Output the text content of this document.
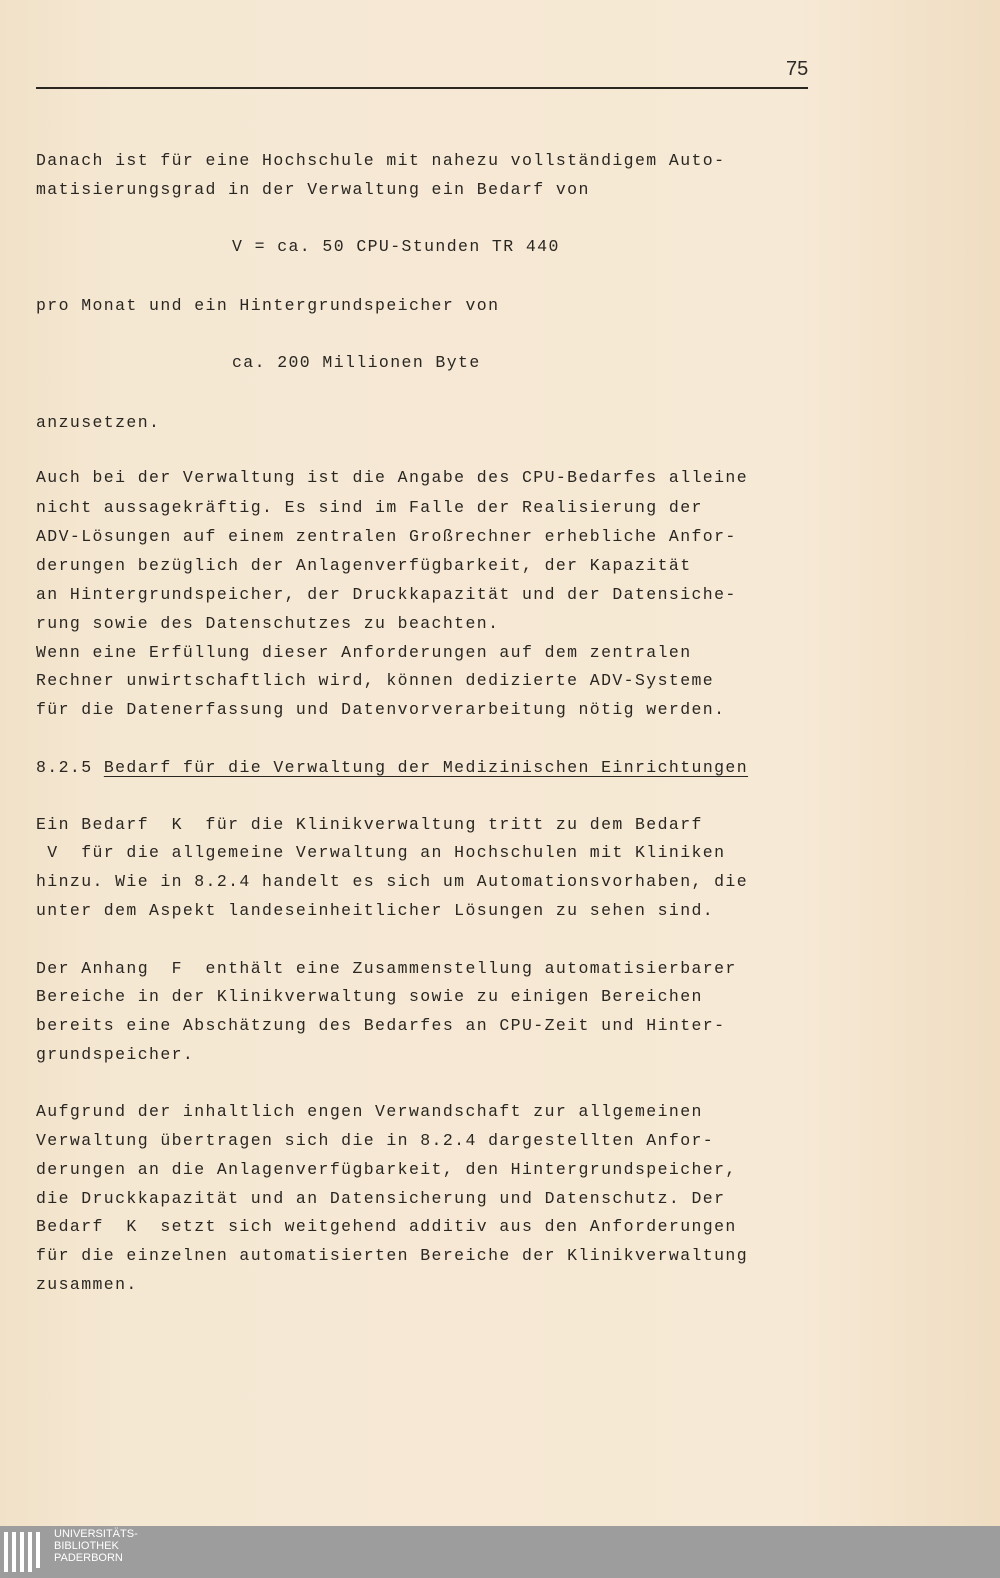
75
Danach ist für eine Hochschule mit nahezu vollständigem Auto-
matisierungsgrad in der Verwaltung ein Bedarf von
V = ca. 50 CPU-Stunden TR 440
pro Monat und ein Hintergrundspeicher von
ca. 200 Millionen Byte
anzusetzen.
Auch bei der Verwaltung ist die Angabe des CPU-Bedarfes alleine
nicht aussagekräftig. Es sind im Falle der Realisierung der
ADV-Lösungen auf einem zentralen Großrechner erhebliche Anfor-
derungen bezüglich der Anlagenverfügbarkeit, der Kapazität
an Hintergrundspeicher, der Druckkapazität und der Datensiche-
rung sowie des Datenschutzes zu beachten.
Wenn eine Erfüllung dieser Anforderungen auf dem zentralen
Rechner unwirtschaftlich wird, können dedizierte ADV-Systeme
für die Datenerfassung und Datenvorverarbeitung nötig werden.
8.2.5 Bedarf für die Verwaltung der Medizinischen Einrichtungen
Ein Bedarf  K  für die Klinikverwaltung tritt zu dem Bedarf
V  für die allgemeine Verwaltung an Hochschulen mit Kliniken
hinzu. Wie in 8.2.4 handelt es sich um Automationsvorhaben, die
unter dem Aspekt landeseinheitlicher Lösungen zu sehen sind.
Der Anhang  F  enthält eine Zusammenstellung automatisierbarer
Bereiche in der Klinikverwaltung sowie zu einigen Bereichen
bereits eine Abschätzung des Bedarfes an CPU-Zeit und Hinter-
grundspeicher.
Aufgrund der inhaltlich engen Verwandschaft zur allgemeinen
Verwaltung übertragen sich die in 8.2.4 dargestellten Anfor-
derungen an die Anlagenverfügbarkeit, den Hintergrundspeicher,
die Druckkapazität und an Datensicherung und Datenschutz. Der
Bedarf  K  setzt sich weitgehend additiv aus den Anforderungen
für die einzelnen automatisierten Bereiche der Klinikverwaltung
zusammen.
UNIVERSITÄTS-
BIBLIOTHEK
PADERBORN
